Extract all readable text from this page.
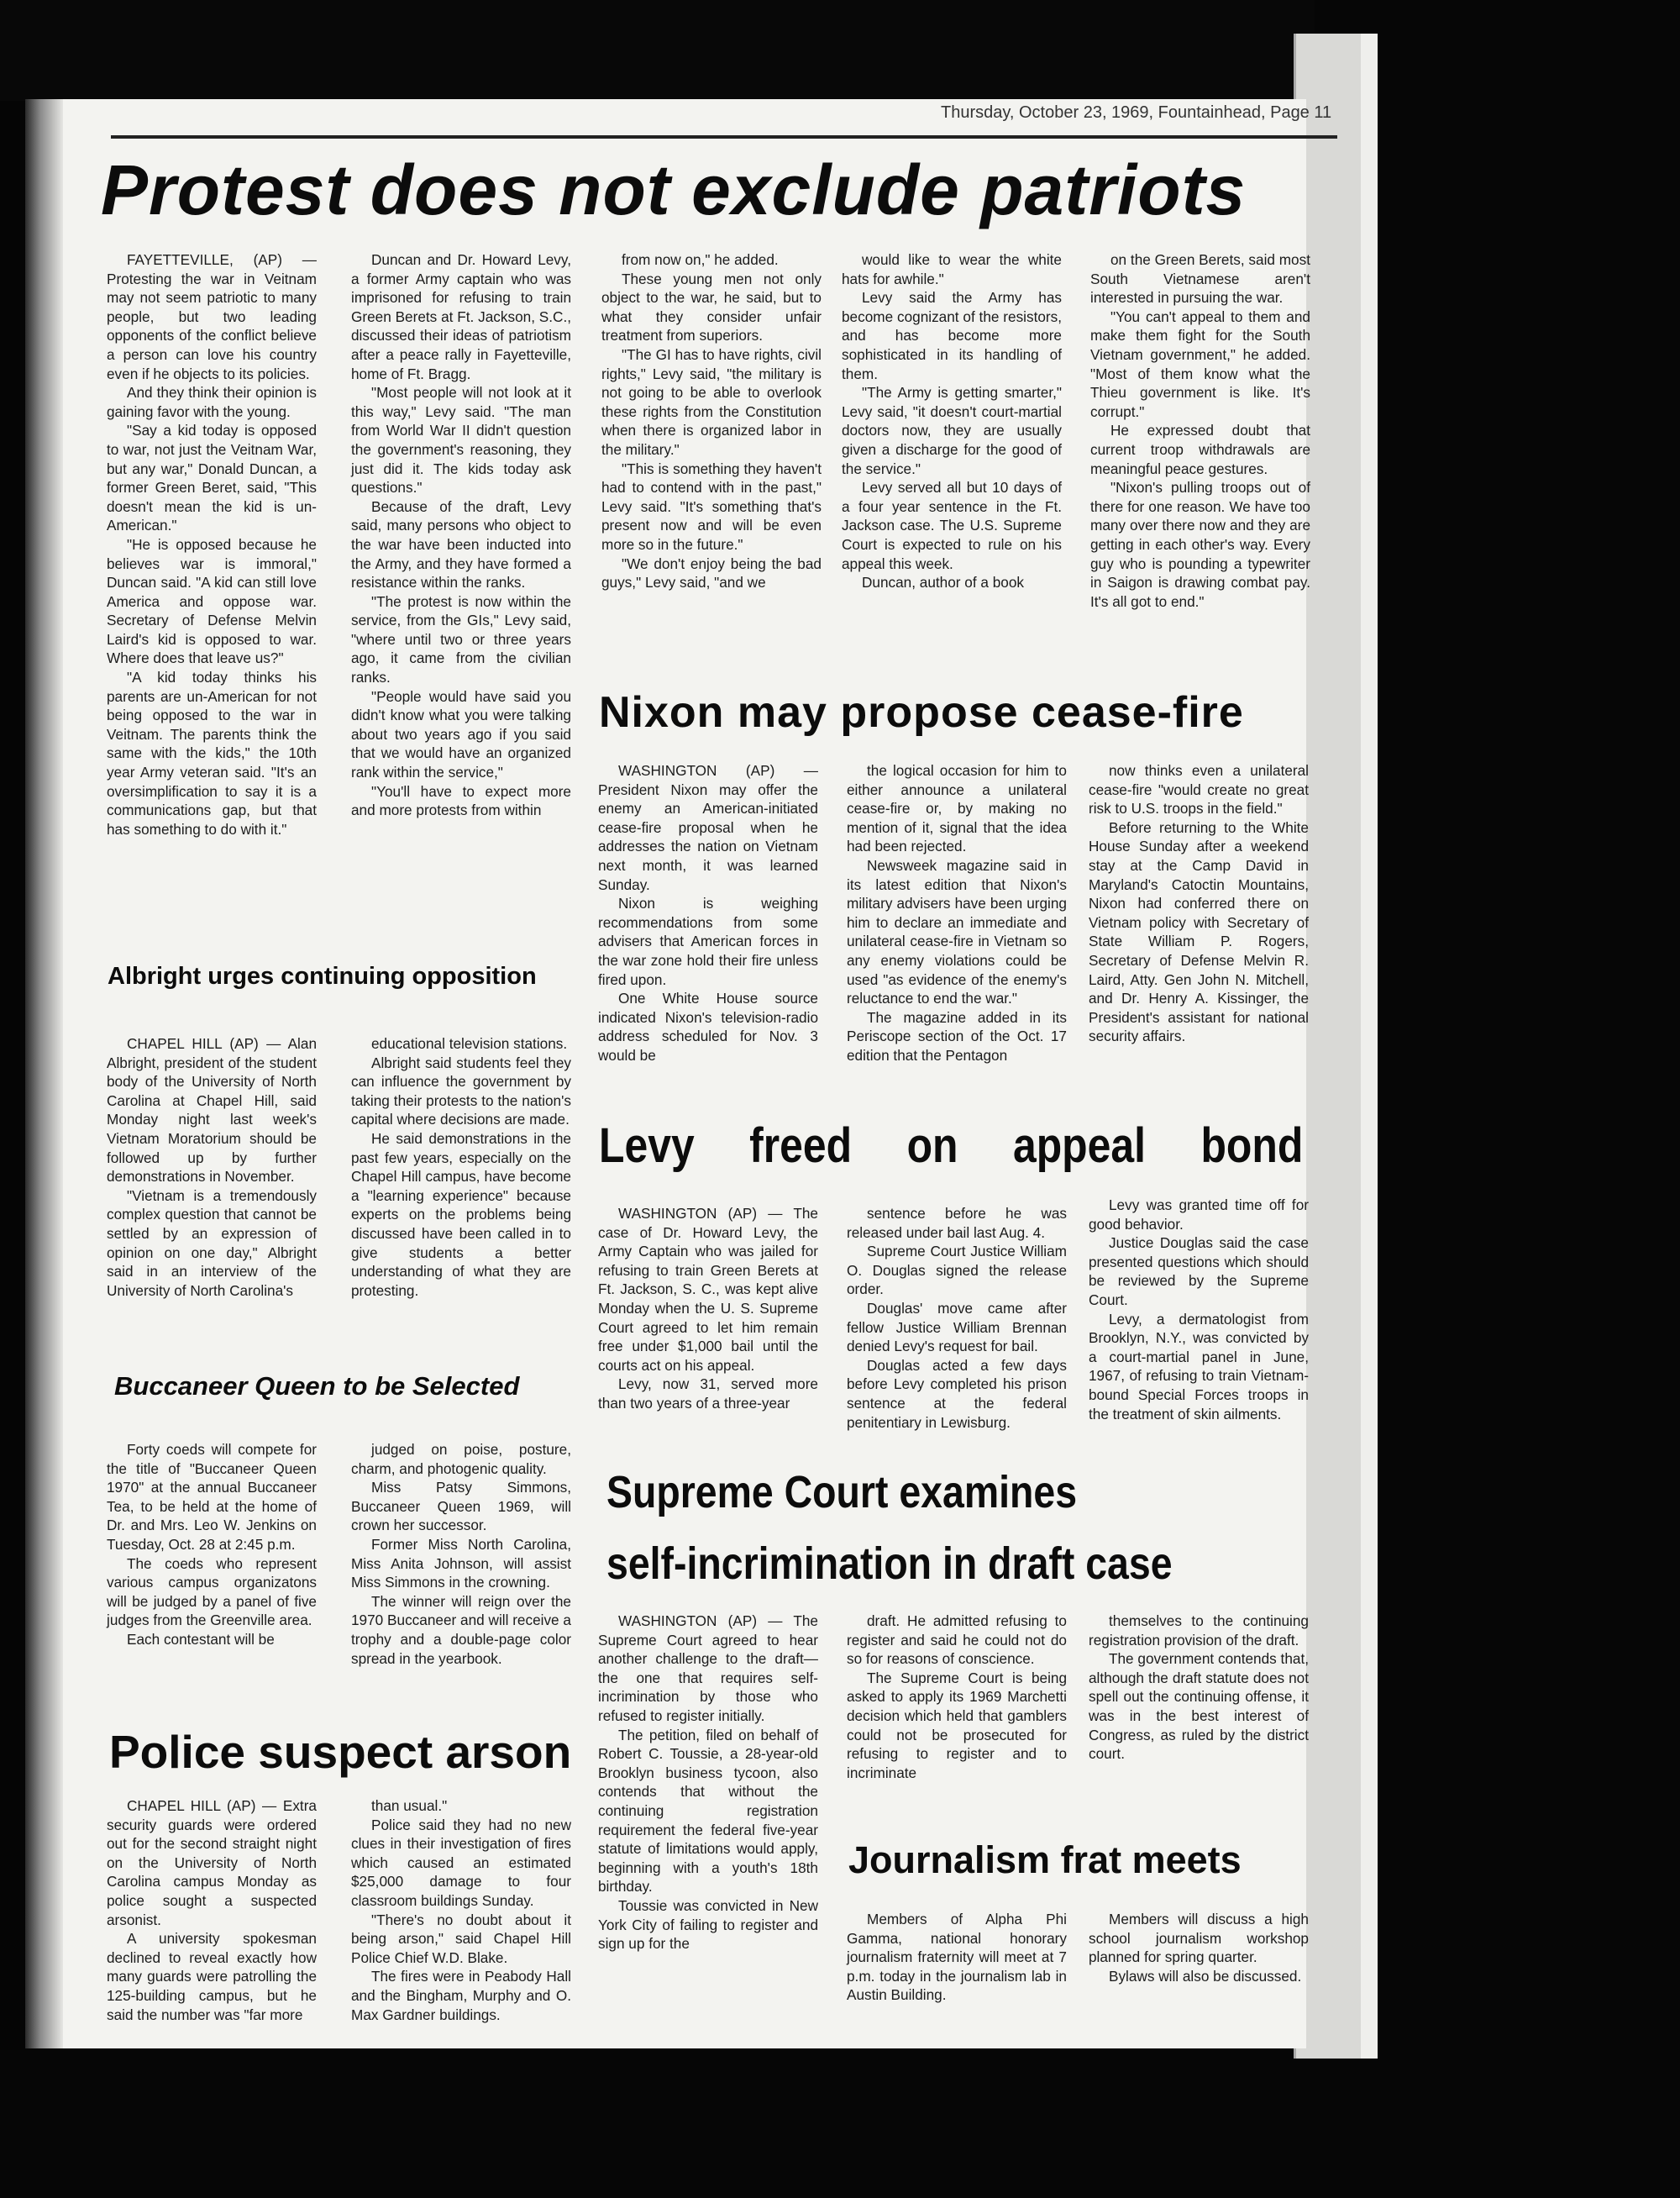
Thursday, October 23, 1969, Fountainhead, Page 11
Protest does not exclude patriots

FAYETTEVILLE, (AP) — Protesting the war in Veitnam may not seem patriotic to many people, but two leading opponents of the conflict believe a person can love his country even if he objects to its policies.

And they think their opinion is gaining favor with the young.

"Say a kid today is opposed to war, not just the Veitnam War, but any war," Donald Duncan, a former Green Beret, said, "This doesn't mean the kid is un-American."

"He is opposed because he believes war is immoral," Duncan said. "A kid can still love America and oppose war. Secretary of Defense Melvin Laird's kid is opposed to war. Where does that leave us?"

"A kid today thinks his parents are un-American for not being opposed to the war in Veitnam. The parents think the same with the kids," the 10th year Army veteran said. "It's an oversimplification to say it is a communications gap, but that has something to do with it."

Duncan and Dr. Howard Levy, a former Army captain who was imprisoned for refusing to train Green Berets at Ft. Jackson, S.C., discussed their ideas of patriotism after a peace rally in Fayetteville, home of Ft. Bragg.

"Most people will not look at it this way," Levy said. "The man from World War II didn't question the government's reasoning, they just did it. The kids today ask questions."

Because of the draft, Levy said, many persons who object to the war have been inducted into the Army, and they have formed a resistance within the ranks.

"The protest is now within the service, from the GIs," Levy said, "where until two or three years ago, it came from the civilian ranks.

"People would have said you didn't know what you were talking about two years ago if you said that we would have an organized rank within the service,"

"You'll have to expect more and more protests from within

from now on," he added.

These young men not only object to the war, he said, but to what they consider unfair treatment from superiors.

"The GI has to have rights, civil rights," Levy said, "the military is not going to be able to overlook these rights from the Constitution when there is organized labor in the military."

"This is something they haven't had to contend with in the past," Levy said. "It's something that's present now and will be even more so in the future."

"We don't enjoy being the bad guys," Levy said, "and we

would like to wear the white hats for awhile."

Levy said the Army has become cognizant of the resistors, and has become more sophisticated in its handling of them.

"The Army is getting smarter," Levy said, "it doesn't court-martial doctors now, they are usually given a discharge for the good of the service."

Levy served all but 10 days of a four year sentence in the Ft. Jackson case. The U.S. Supreme Court is expected to rule on his appeal this week.

Duncan, author of a book

on the Green Berets, said most South Vietnamese aren't interested in pursuing the war.

"You can't appeal to them and make them fight for the South Vietnam government," he added. "Most of them know what the Thieu government is like. It's corrupt."

He expressed doubt that current troop withdrawals are meaningful peace gestures.

"Nixon's pulling troops out of there for one reason. We have too many over there now and they are getting in each other's way. Every guy who is pounding a typewriter in Saigon is drawing combat pay. It's all got to end."

Nixon may propose cease-fire

WASHINGTON (AP) — President Nixon may offer the enemy an American-initiated cease-fire proposal when he addresses the nation on Vietnam next month, it was learned Sunday.

Nixon is weighing recommendations from some advisers that American forces in the war zone hold their fire unless fired upon.

One White House source indicated Nixon's television-radio address scheduled for Nov. 3 would be

the logical occasion for him to either announce a unilateral cease-fire or, by making no mention of it, signal that the idea had been rejected.

Newsweek magazine said in its latest edition that Nixon's military advisers have been urging him to declare an immediate and unilateral cease-fire in Vietnam so any enemy violations could be used "as evidence of the enemy's reluctance to end the war."

The magazine added in its Periscope section of the Oct. 17 edition that the Pentagon

now thinks even a unilateral cease-fire "would create no great risk to U.S. troops in the field."

Before returning to the White House Sunday after a weekend stay at the Camp David in Maryland's Catoctin Mountains, Nixon had conferred there on Vietnam policy with Secretary of State William P. Rogers, Secretary of Defense Melvin R. Laird, Atty. Gen John N. Mitchell, and Dr. Henry A. Kissinger, the President's assistant for national security affairs.

Albright urges continuing opposition

CHAPEL HILL (AP) — Alan Albright, president of the student body of the University of North Carolina at Chapel Hill, said Monday night last week's Vietnam Moratorium should be followed up by further demonstrations in November.

"Vietnam is a tremendously complex question that cannot be settled by an expression of opinion on one day," Albright said in an interview of the University of North Carolina's

educational television stations.

Albright said students feel they can influence the government by taking their protests to the nation's capital where decisions are made.

He said demonstrations in the past few years, especially on the Chapel Hill campus, have become a "learning experience" because experts on the problems being discussed have been called in to give students a better understanding of what they are protesting.

Levy freed on appeal bond

WASHINGTON (AP) — The case of Dr. Howard Levy, the Army Captain who was jailed for refusing to train Green Berets at Ft. Jackson, S. C., was kept alive Monday when the U. S. Supreme Court agreed to let him remain free under $1,000 bail until the courts act on his appeal.

Levy, now 31, served more than two years of a three-year

sentence before he was released under bail last Aug. 4.

Supreme Court Justice William O. Douglas signed the release order.

Douglas' move came after fellow Justice William Brennan denied Levy's request for bail.

Douglas acted a few days before Levy completed his prison sentence at the federal penitentiary in Lewisburg.

Levy was granted time off for good behavior.

Justice Douglas said the case presented questions which should be reviewed by the Supreme Court.

Levy, a dermatologist from Brooklyn, N.Y., was convicted by a court-martial panel in June, 1967, of refusing to train Vietnam-bound Special Forces troops in the treatment of skin ailments.

Buccaneer Queen to be Selected

Forty coeds will compete for the title of "Buccaneer Queen 1970" at the annual Buccaneer Tea, to be held at the home of Dr. and Mrs. Leo W. Jenkins on Tuesday, Oct. 28 at 2:45 p.m.

The coeds who represent various campus organizatons will be judged by a panel of five judges from the Greenville area.

Each contestant will be

judged on poise, posture, charm, and photogenic quality.

Miss Patsy Simmons, Buccaneer Queen 1969, will crown her successor.

Former Miss North Carolina, Miss Anita Johnson, will assist Miss Simmons in the crowning.

The winner will reign over the 1970 Buccaneer and will receive a trophy and a double-page color spread in the yearbook.

Supreme Court examines
self-incrimination in draft case

WASHINGTON (AP) — The Supreme Court agreed to hear another challenge to the draft—the one that requires self-incrimination by those who refused to register initially.

The petition, filed on behalf of Robert C. Toussie, a 28-year-old Brooklyn business tycoon, also contends that without the continuing registration requirement the federal five-year statute of limitations would apply, beginning with a youth's 18th birthday.

Toussie was convicted in New York City of failing to register and sign up for the

draft. He admitted refusing to register and said he could not do so for reasons of conscience.

The Supreme Court is being asked to apply its 1969 Marchetti decision which held that gamblers could not be prosecuted for refusing to register and to incriminate

themselves to the continuing registration provision of the draft.

The government contends that, although the draft statute does not spell out the continuing offense, it was in the best interest of Congress, as ruled by the district court.

Police suspect arson

CHAPEL HILL (AP) — Extra security guards were ordered out for the second straight night on the University of North Carolina campus Monday as police sought a suspected arsonist.

A university spokesman declined to reveal exactly how many guards were patrolling the 125-building campus, but he said the number was "far more

than usual."

Police said they had no new clues in their investigation of fires which caused an estimated $25,000 damage to four classroom buildings Sunday.

"There's no doubt about it being arson," said Chapel Hill Police Chief W.D. Blake.

The fires were in Peabody Hall and the Bingham, Murphy and O. Max Gardner buildings.

Journalism frat meets

Members of Alpha Phi Gamma, national honorary journalism fraternity will meet at 7 p.m. today in the journalism lab in Austin Building.

Members will discuss a high school journalism workshop planned for spring quarter.

Bylaws will also be discussed.
